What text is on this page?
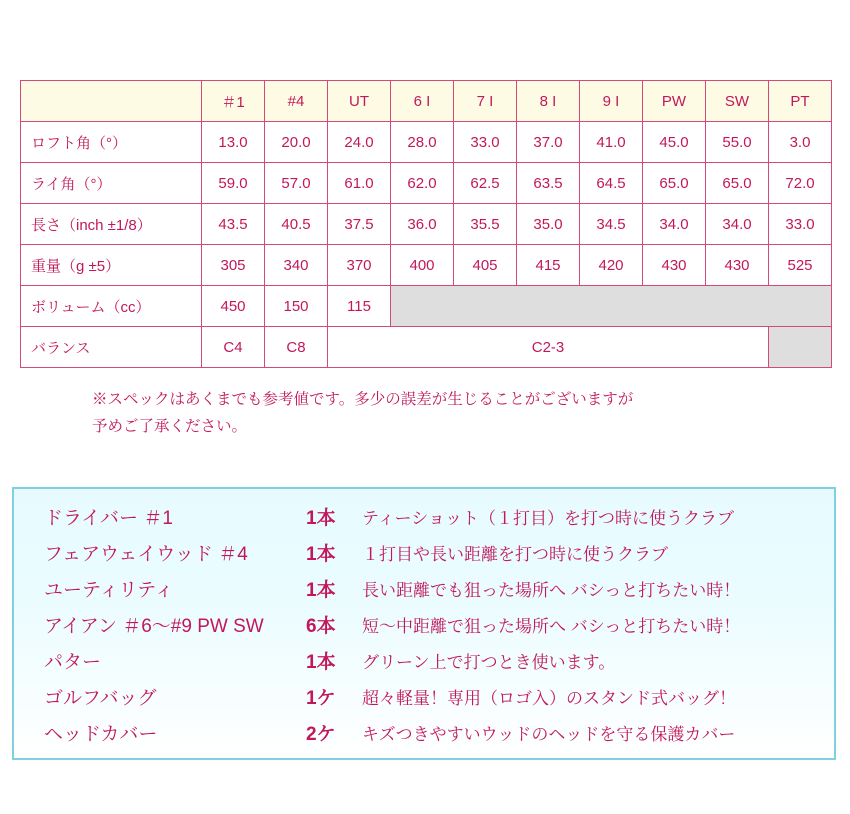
	＃1	#4	UT	6 I	7 I	8 I	9 I	PW	SW	PT
ロフト角（°）	13.0	20.0	24.0	28.0	33.0	37.0	41.0	45.0	55.0	3.0
ライ角（°）	59.0	57.0	61.0	62.0	62.5	63.5	64.5	65.0	65.0	72.0
長さ（inch ±1/8）	43.5	40.5	37.5	36.0	35.5	35.0	34.5	34.0	34.0	33.0
重量（g ±5）	305	340	370	400	405	415	420	430	430	525
ボリューム（cc）	450	150	115							
バランス	C4	C8	C2-3							
※スペックはあくまでも参考値です。多少の誤差が生じることがございますが
予めご了承ください。
ドライバー ＃1	1本	ティーショット（１打目）を打つ時に使うクラブ
フェアウェイウッド ＃4	1本	１打目や長い距離を打つ時に使うクラブ
ユーティリティ	1本	長い距離でも狙った場所へ バシっと打ちたい時！
アイアン ＃6〜#9 PW SW	6本	短〜中距離で狙った場所へ バシっと打ちたい時！
パター	1本	グリーン上で打つとき使います。
ゴルフバッグ	1ケ	超々軽量！専用（ロゴ入）のスタンド式バッグ！
ヘッドカバー	2ケ	キズつきやすいウッドのヘッドを守る保護カバー
